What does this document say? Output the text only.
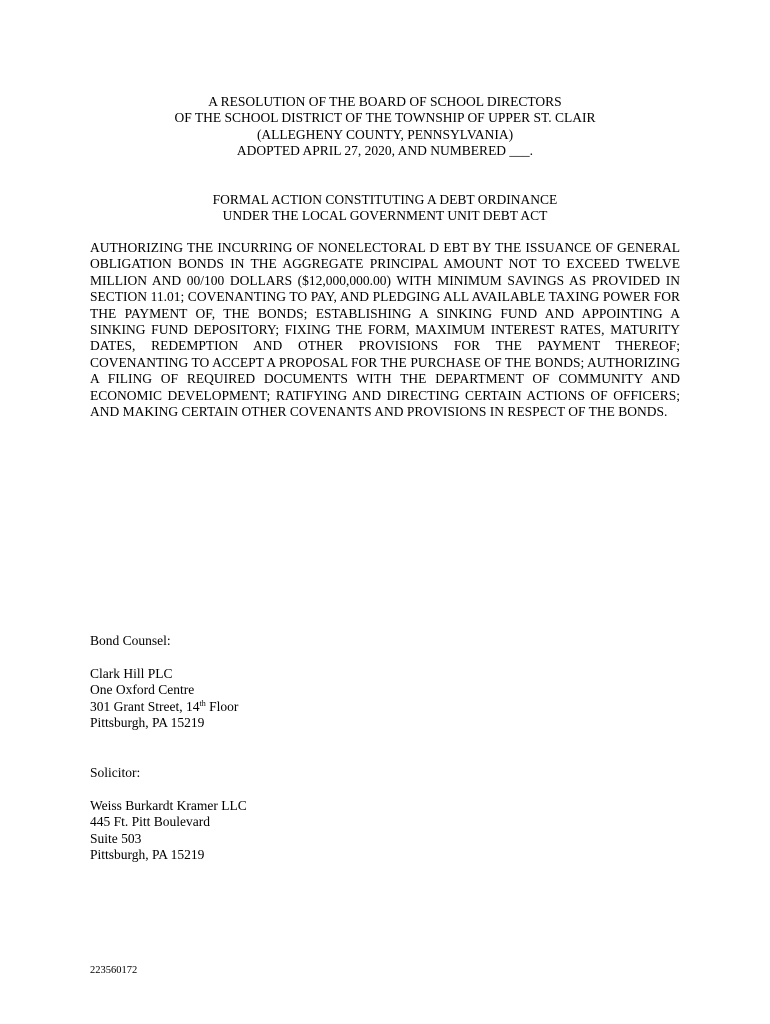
A RESOLUTION OF THE BOARD OF SCHOOL DIRECTORS
OF THE SCHOOL DISTRICT OF THE TOWNSHIP OF UPPER ST. CLAIR
(ALLEGHENY COUNTY, PENNSYLVANIA)
ADOPTED APRIL 27, 2020, AND NUMBERED ___.
FORMAL ACTION CONSTITUTING A DEBT ORDINANCE
UNDER THE LOCAL GOVERNMENT UNIT DEBT ACT
AUTHORIZING THE INCURRING OF NONELECTORAL D EBT BY THE ISSUANCE OF GENERAL OBLIGATION BONDS IN THE AGGREGATE PRINCIPAL AMOUNT NOT TO EXCEED TWELVE MILLION AND 00/100 DOLLARS ($12,000,000.00) WITH MINIMUM SAVINGS AS PROVIDED IN SECTION 11.01; COVENANTING TO PAY, AND PLEDGING ALL AVAILABLE TAXING POWER FOR THE PAYMENT OF, THE BONDS; ESTABLISHING A SINKING FUND AND APPOINTING A SINKING FUND DEPOSITORY; FIXING THE FORM, MAXIMUM INTEREST RATES, MATURITY DATES, REDEMPTION AND OTHER PROVISIONS FOR THE PAYMENT THEREOF; COVENANTING TO ACCEPT A PROPOSAL FOR THE PURCHASE OF THE BONDS; AUTHORIZING A FILING OF REQUIRED DOCUMENTS WITH THE DEPARTMENT OF COMMUNITY AND ECONOMIC DEVELOPMENT; RATIFYING AND DIRECTING CERTAIN ACTIONS OF OFFICERS; AND MAKING CERTAIN OTHER COVENANTS AND PROVISIONS IN RESPECT OF THE BONDS.
Bond Counsel:
Clark Hill PLC
One Oxford Centre
301 Grant Street, 14th Floor
Pittsburgh, PA 15219
Solicitor:
Weiss Burkardt Kramer LLC
445 Ft. Pitt Boulevard
Suite 503
Pittsburgh, PA 15219
223560172
